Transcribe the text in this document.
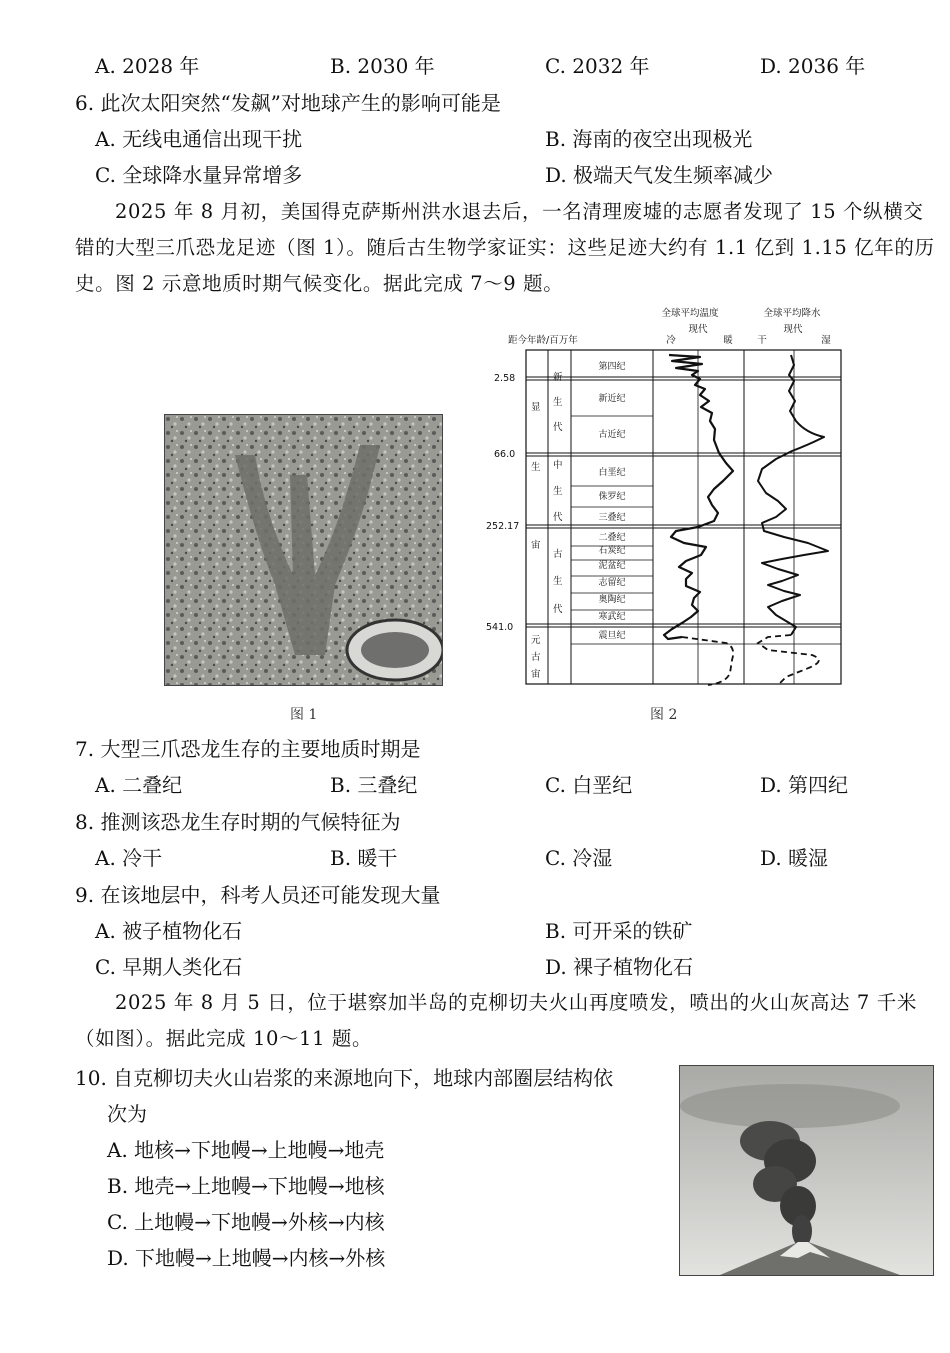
A. 2028 年	B. 2030 年	C. 2032 年	D. 2036 年
6. 此次太阳突然“发飙”对地球产生的影响可能是
A. 无线电通信出现干扰	B. 海南的夜空出现极光
C. 全球降水量异常增多	D. 极端天气发生频率减少
2025 年 8 月初，美国得克萨斯州洪水退去后，一名清理废墟的志愿者发现了 15 个纵横交错的大型三爪恐龙足迹（图 1）。随后古生物学家证实：这些足迹大约有 1.1 亿到 1.15 亿年的历史。图 2 示意地质时期气候变化。据此完成 7～9 题。
图 1
全球平均温度
现代
冷	暖
全球平均降水
现代
干	湿
距今年龄/百万年
2.58
66.0
252.17
541.0
显
生
宙
元
古
宙
新
生
代
中
生
代
古
生
代
第四纪
新近纪
古近纪
白垩纪
侏罗纪
三叠纪
二叠纪
石炭纪
泥盆纪
志留纪
奥陶纪
寒武纪
震旦纪
图 2
7. 大型三爪恐龙生存的主要地质时期是
A. 二叠纪	B. 三叠纪	C. 白垩纪	D. 第四纪
8. 推测该恐龙生存时期的气候特征为
A. 冷干	B. 暖干	C. 冷湿	D. 暖湿
9. 在该地层中，科考人员还可能发现大量
A. 被子植物化石	B. 可开采的铁矿
C. 早期人类化石	D. 裸子植物化石
2025 年 8 月 5 日，位于堪察加半岛的克柳切夫火山再度喷发，喷出的火山灰高达 7 千米（如图）。据此完成 10～11 题。
10. 自克柳切夫火山岩浆的来源地向下，地球内部圈层结构依
次为
A. 地核→下地幔→上地幔→地壳
B. 地壳→上地幔→下地幔→地核
C. 上地幔→下地幔→外核→内核
D. 下地幔→上地幔→内核→外核
